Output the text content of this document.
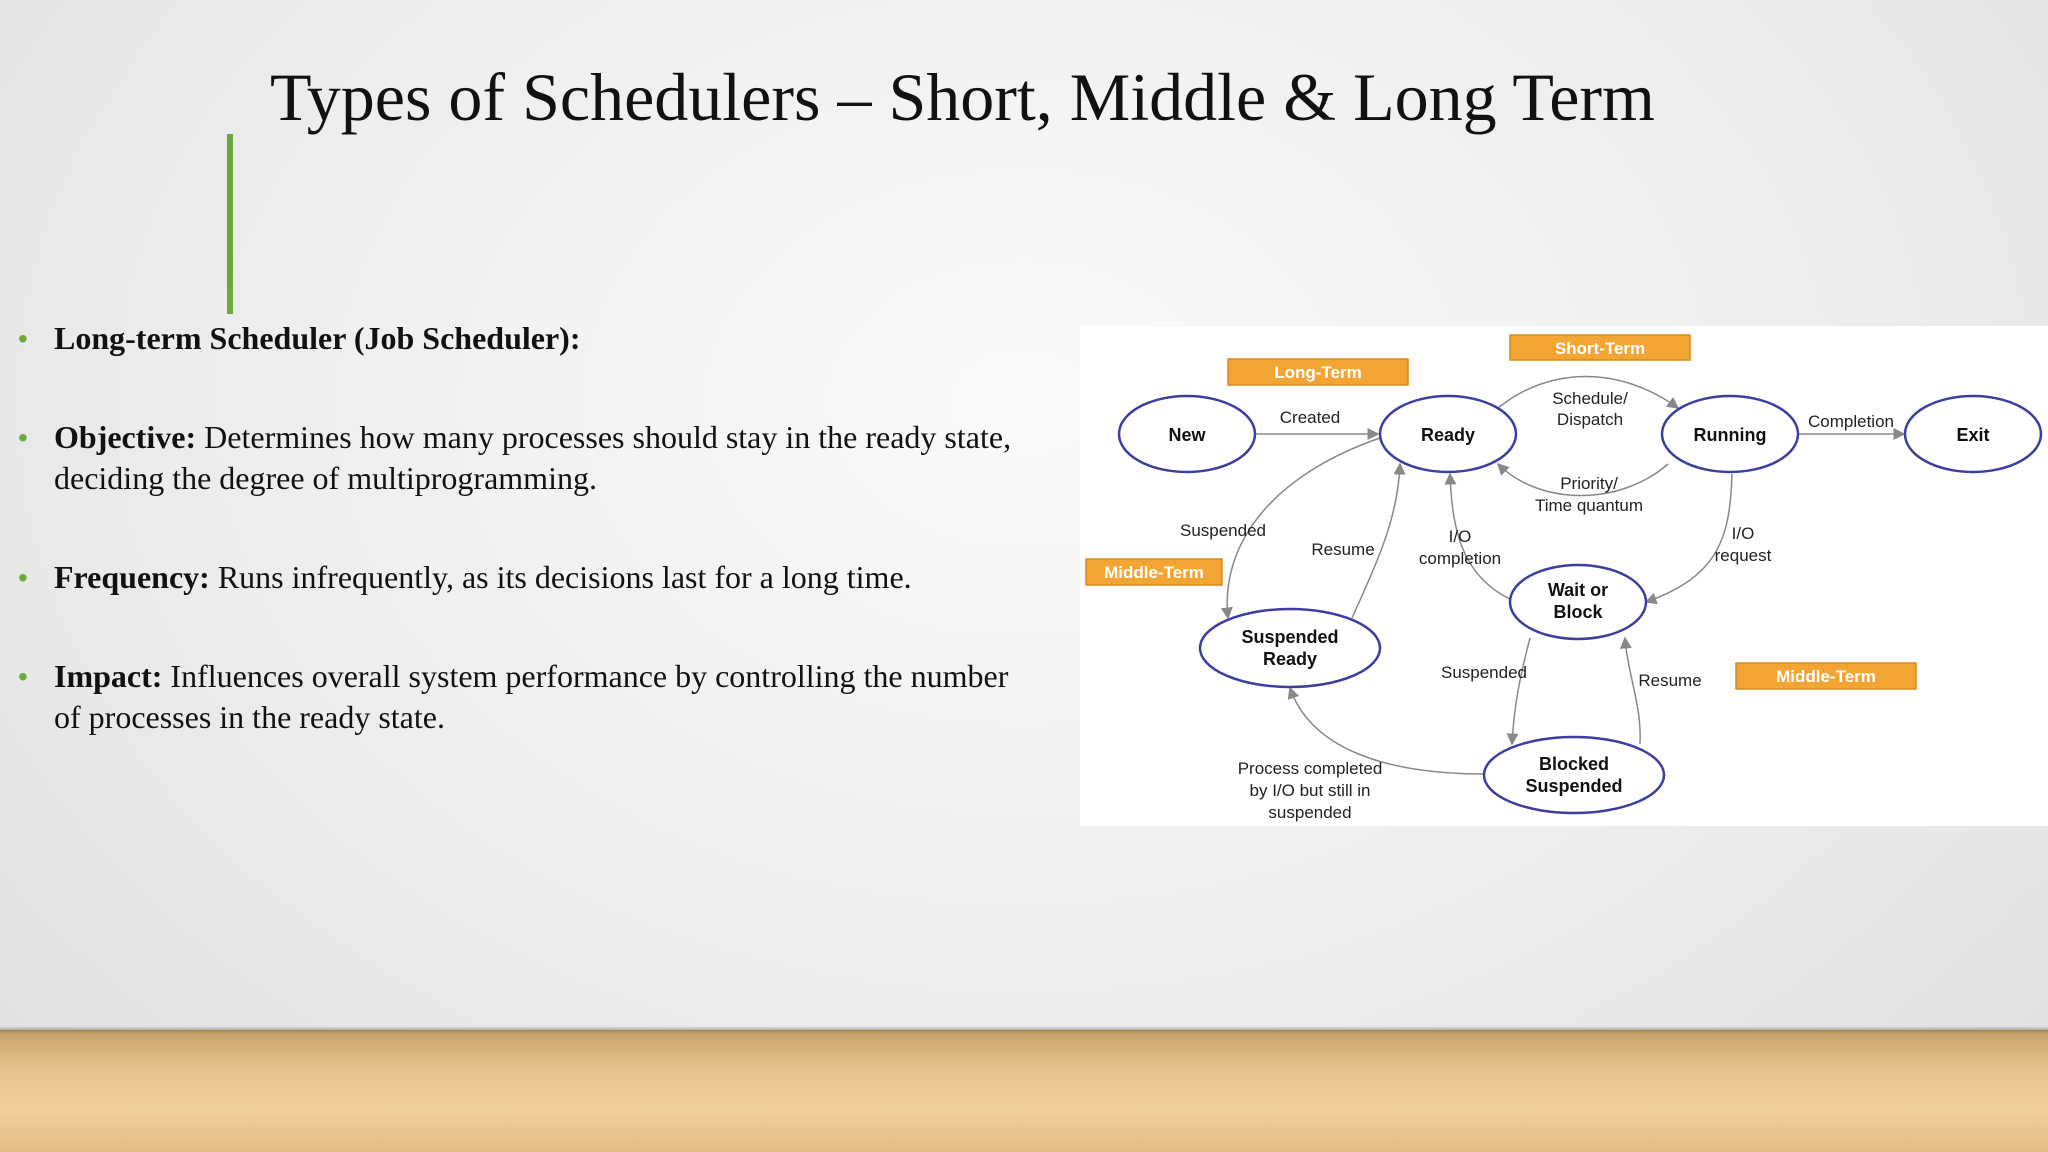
Types of Schedulers – Short, Middle & Long Term
• Long-term Scheduler (Job Scheduler):
• Objective: Determines how many processes should stay in the ready state, deciding the degree of multiprogramming.
• Frequency: Runs infrequently, as its decisions last for a long time.
• Impact: Influences overall system performance by controlling the number of processes in the ready state.
Long-Term
Short-Term
Middle-Term
Middle-Term
New	Ready	Running	Exit
Wait or
Block
Suspended
Ready
Blocked
Suspended
Created
Schedule/
Dispatch	Completion
Priority/
Time quantum
Suspended
Resume
I/O
completion
I/O
request
Suspended	Resume
Process completed
by I/O but still in
suspended
